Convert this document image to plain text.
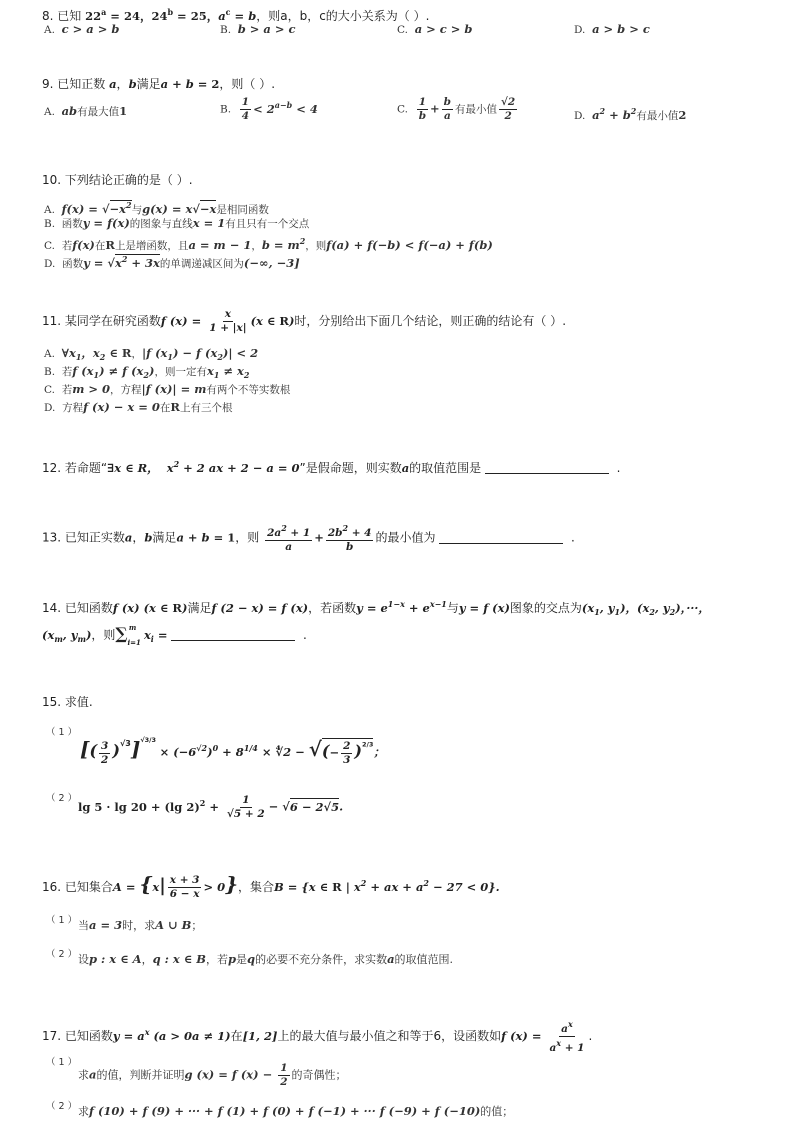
8. 已知 $22^a = 24$，$24^b = 25$，$a^c = b$，则a，b，c的大小关系为（ ）.
A. c > a > b	B. b > a > c	C. a > c > b	D. a > b > c
9. 已知正数 a，b满足a + b = 2，则（ ）.
A. ab有最大值1	B. $\frac{1}{4} < 2^{a-b} < 4$	C. $\frac{1}{b} + \frac{b}{a}$ 有最小值 $\frac{√2}{2}$	D. $a^2 + b^2$有最小值2
10. 下列结论正确的是（ ）.
A. $f(x) = √-x^2$与g(x) = x√−x是相同函数
B. 函数y = f(x)的图象与直线x = 1有且只有一个交点
C. 若f(x)在R上是增函数，且a = m − 1，$b = m^2$，则f(a) + f(−b) < f(−a) + f(b)
D. 函数$y = √x^2 + 3x$的单调递减区间为(−∞, −3]
11. 某同学在研究函数f $(x) = \frac{x}{1 + |x|} (x$ ∈ R)时，分别给出下面几个结论，则正确的结论有（ ）.
A. $\forall x_1$，$x_2$ ∈ R，|f $(x_1) - f$ $(x_2)| < 2$
B. 若f $(x_1) \ne f$ $(x_2)$，则一定有$x_1 \ne x_2$
C. 若m > 0，方程|f (x)| = m有两个不等实数根
D. 方程f (x) − x = 0在R上有三个根
12. 若命题“∃x ∈ R，  $x^2 + 2$ ax + 2 − a = 0”是假命题，则实数a的取值范围是	.
13. 已知正实数a，b满足a + b = 1，则 $\frac{2a^2 + 1}{a} + \frac{2b^2 + 4}{b}$ 的最小值为	.
14. 已知函数f (x) (x ∈ R)满足f (2 − x) = f (x)，若函数$y = e^{1-x} + e^{x-1}$与y = f (x)图象的交点为($x_1$, $y_1$)，($x_2$, $y_2$)，···，
($x_m$, $y_m$)，则$\sum_{i=1}^m$  $x_i$ =	.
15. 求值.
（ 1 ）
[( $\frac{3}{2} )^{√3}]^{√3/3} \times (-6^{√2})^0 + 8^{1/4}$ × ∜2 − √(− $\frac{2}{3} )^{2/3}$；
（ 2 ）
lg 5 · lg 20 + (lg $2)^2 + \frac{1}{√5 + 2} - √6 - 2√5$.
16. 已知集合$A = \{x| \frac{x + 3}{6 - x} > 0\}$，集合B = {x ∈ R | $x^2$ + ax + $a^2 - 27 < 0$}.
（ 1 ） 当a = 3时，求A ∪ B；
（ 2 ） 设p : x ∈ A，q : x ∈ B，若p是q的必要不充分条件，求实数a的取值范围.
17. 已知函数$y = a^x$ (a > 0a ≠ 1)在[1, 2]上的最大值与最小值之和等于6，设函数如f $(x) = \frac{a^x}{a^x + 1}$ .
（ 1 ）
求a的值，判断并证明g (x) = f $(x) - \frac{1}{2}$ 的奇偶性；
（ 2 ） 求f (10) + f (9) + ··· + f (1) + f (0) + f (−1) + ··· f (−9) + f (−10)的值；
